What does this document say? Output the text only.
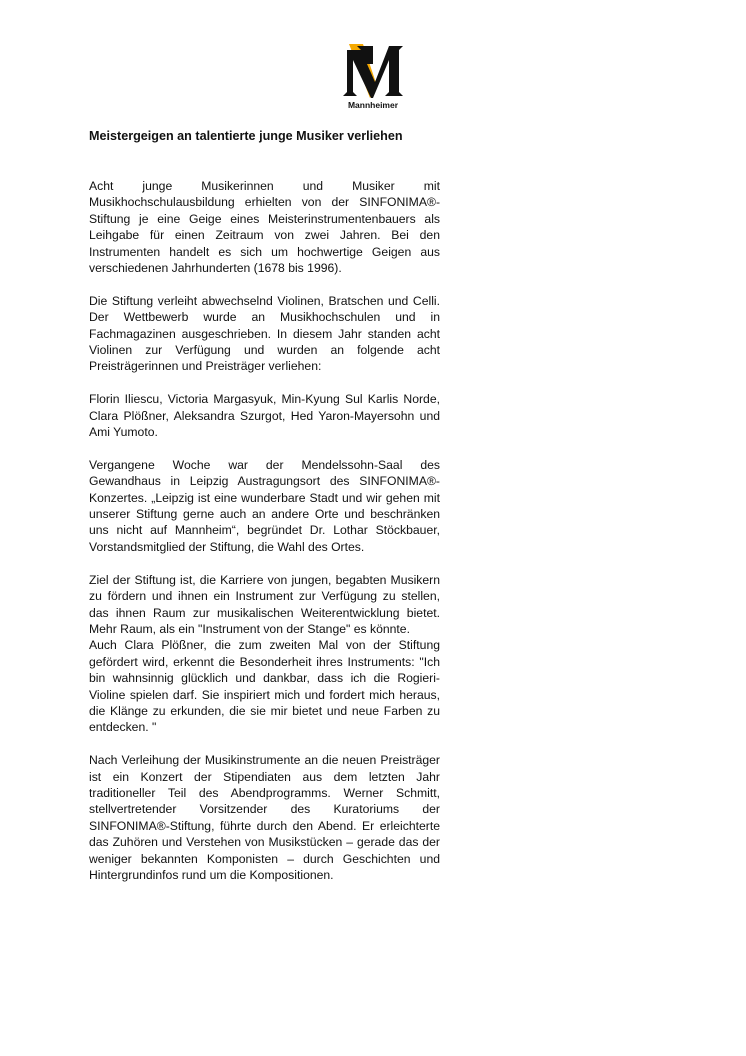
Mannheimer
Meistergeigen an talentierte junge Musiker verliehen

Acht junge Musikerinnen und Musiker mit Musikhochschulausbildung erhielten von der SINFONIMA®-Stiftung je eine Geige eines Meisterinstrumentenbauers als Leihgabe für einen Zeitraum von zwei Jahren. Bei den Instrumenten handelt es sich um hochwertige Geigen aus verschiedenen Jahrhunderten (1678 bis 1996).

Die Stiftung verleiht abwechselnd Violinen, Bratschen und Celli. Der Wettbewerb wurde an Musikhochschulen und in Fachmagazinen ausgeschrieben. In diesem Jahr standen acht Violinen zur Verfügung und wurden an folgende acht Preisträgerinnen und Preisträger verliehen:

Florin Iliescu, Victoria Margasyuk, Min-Kyung Sul Karlis Norde, Clara Plößner, Aleksandra Szurgot, Hed Yaron-Mayersohn und Ami Yumoto.

Vergangene Woche war der Mendelssohn-Saal des Gewandhaus in Leipzig Austragungsort des SINFONIMA®-Konzertes. „Leipzig ist eine wunderbare Stadt und wir gehen mit unserer Stiftung gerne auch an andere Orte und beschränken uns nicht auf Mannheim“, begründet Dr. Lothar Stöckbauer, Vorstandsmitglied der Stiftung, die Wahl des Ortes.

Ziel der Stiftung ist, die Karriere von jungen, begabten Musikern zu fördern und ihnen ein Instrument zur Verfügung zu stellen, das ihnen Raum zur musikalischen Weiterentwicklung bietet. Mehr Raum, als ein "Instrument von der Stange" es könnte.

Auch Clara Plößner, die zum zweiten Mal von der Stiftung gefördert wird, erkennt die Besonderheit ihres Instruments: "Ich bin wahnsinnig glücklich und dankbar, dass ich die Rogieri-Violine spielen darf. Sie inspiriert mich und fordert mich heraus, die Klänge zu erkunden, die sie mir bietet und neue Farben zu entdecken. "

Nach Verleihung der Musikinstrumente an die neuen Preisträger ist ein Konzert der Stipendiaten aus dem letzten Jahr traditioneller Teil des Abendprogramms. Werner Schmitt, stellvertretender Vorsitzender des Kuratoriums der SINFONIMA®-Stiftung, führte durch den Abend. Er erleichterte das Zuhören und Verstehen von Musikstücken – gerade das der weniger bekannten Komponisten – durch Geschichten und Hintergrundinfos rund um die Kompositionen.
